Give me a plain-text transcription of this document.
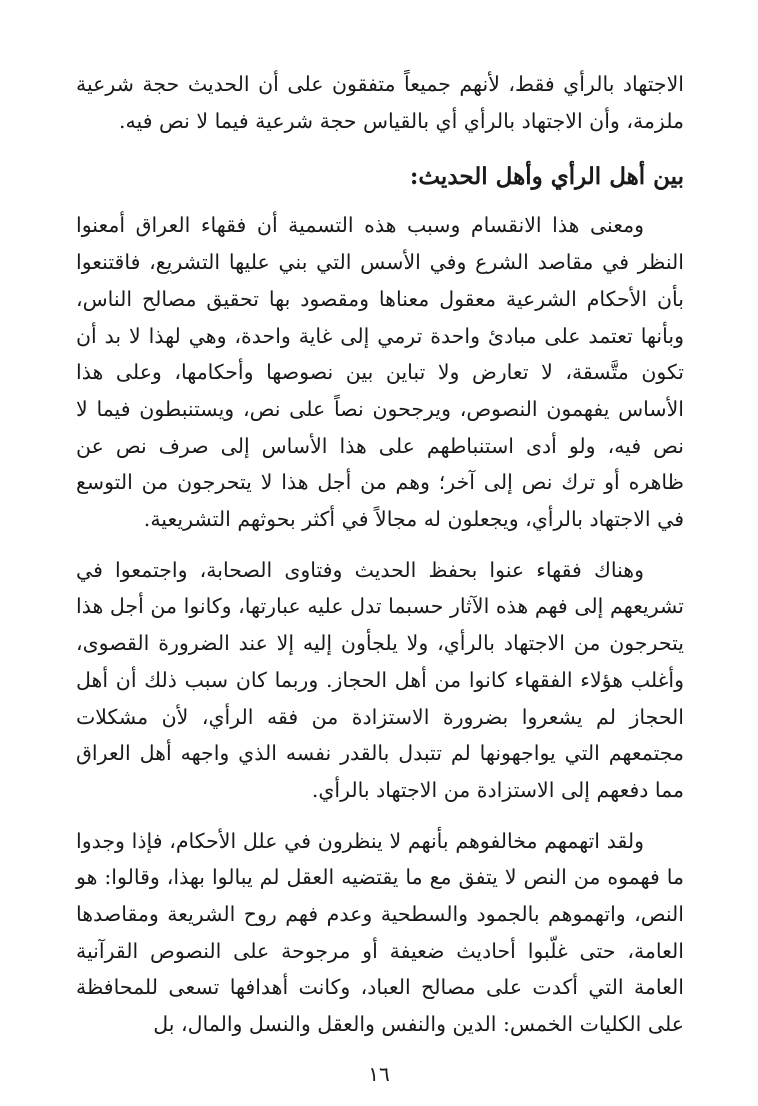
الاجتهاد بالرأي فقط، لأنهم جميعاً متفقون على أن الحديث حجة شرعية ملزمة، وأن الاجتهاد بالرأي أي بالقياس حجة شرعية فيما لا نص فيه.

بين أهل الرأي وأهل الحديث:

ومعنى هذا الانقسام وسبب هذه التسمية أن فقهاء العراق أمعنوا النظر في مقاصد الشرع وفي الأسس التي بني عليها التشريع، فاقتنعوا بأن الأحكام الشرعية معقول معناها ومقصود بها تحقيق مصالح الناس، وبأنها تعتمد على مبادئ واحدة ترمي إلى غاية واحدة، وهي لهذا لا بد أن تكون متَّسقة، لا تعارض ولا تباين بين نصوصها وأحكامها، وعلى هذا الأساس يفهمون النصوص، ويرجحون نصاً على نص، ويستنبطون فيما لا نص فيه، ولو أدى استنباطهم على هذا الأساس إلى صرف نص عن ظاهره أو ترك نص إلى آخر؛ وهم من أجل هذا لا يتحرجون من التوسع في الاجتهاد بالرأي، ويجعلون له مجالاً في أكثر بحوثهم التشريعية.

وهناك فقهاء عنوا بحفظ الحديث وفتاوى الصحابة، واجتمعوا في تشريعهم إلى فهم هذه الآثار حسبما تدل عليه عبارتها، وكانوا من أجل هذا يتحرجون من الاجتهاد بالرأي، ولا يلجأون إليه إلا عند الضرورة القصوى، وأغلب هؤلاء الفقهاء كانوا من أهل الحجاز. وربما كان سبب ذلك أن أهل الحجاز لم يشعروا بضرورة الاستزادة من فقه الرأي، لأن مشكلات مجتمعهم التي يواجهونها لم تتبدل بالقدر نفسه الذي واجهه أهل العراق مما دفعهم إلى الاستزادة من الاجتهاد بالرأي.

ولقد اتهمهم مخالفوهم بأنهم لا ينظرون في علل الأحكام، فإذا وجدوا ما فهموه من النص لا يتفق مع ما يقتضيه العقل لم يبالوا بهذا، وقالوا: هو النص، واتهموهم بالجمود والسطحية وعدم فهم روح الشريعة ومقاصدها العامة، حتى غلّبوا أحاديث ضعيفة أو مرجوحة على النصوص القرآنية العامة التي أكدت على مصالح العباد، وكانت أهدافها تسعى للمحافظة على الكليات الخمس: الدين والنفس والعقل والنسل والمال، بل

١٦
